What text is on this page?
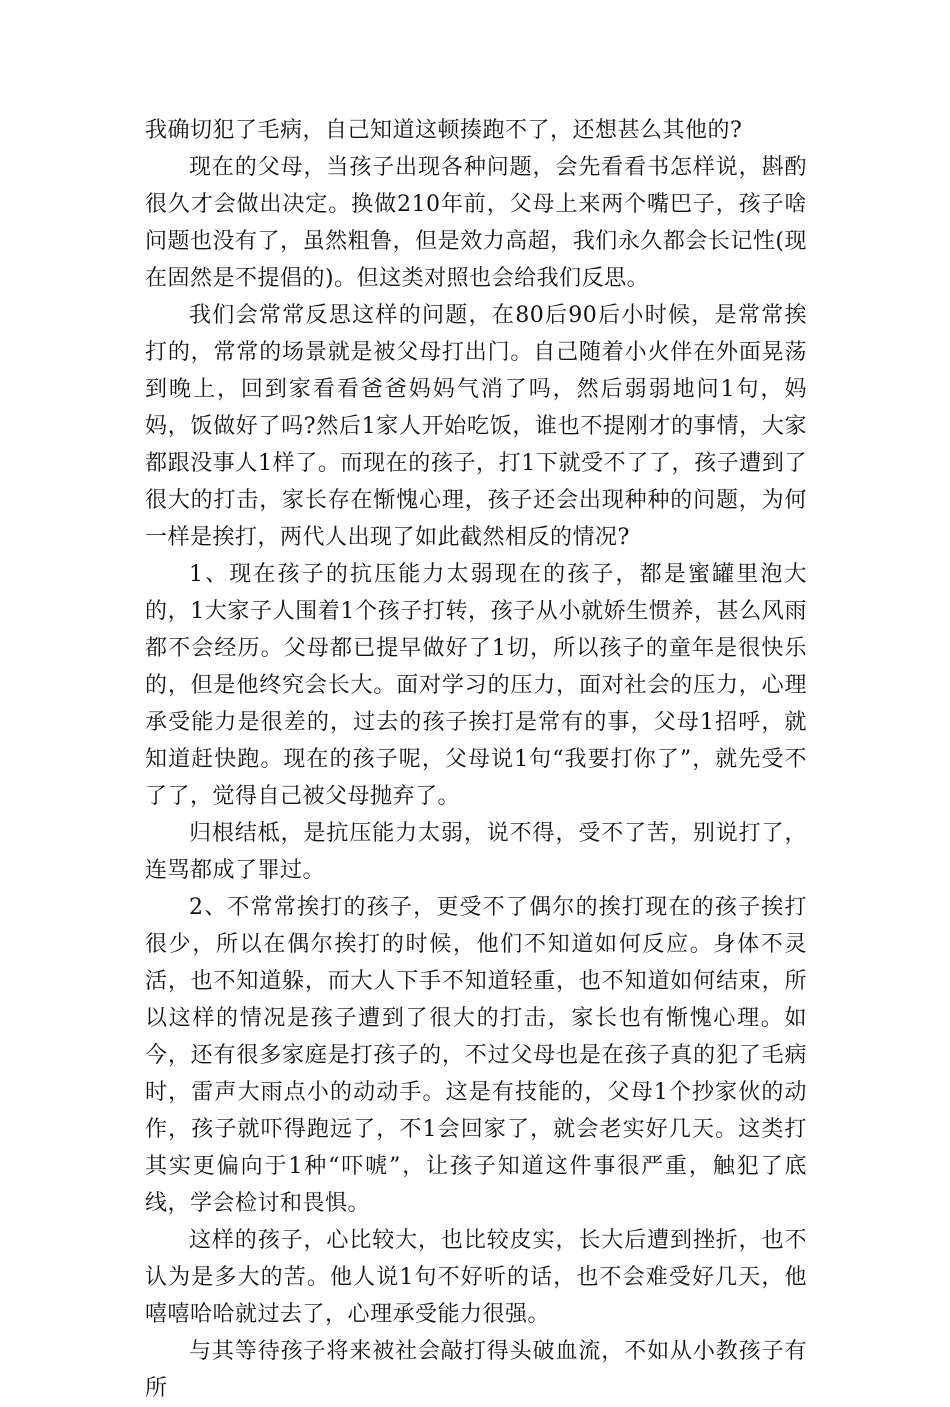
我确切犯了毛病，自己知道这顿揍跑不了，还想甚么其他的?

现在的父母，当孩子出现各种问题，会先看看书怎样说，斟酌很久才会做出决定。换做210年前，父母上来两个嘴巴子，孩子啥问题也没有了，虽然粗鲁，但是效力高超，我们永久都会长记性(现在固然是不提倡的)。但这类对照也会给我们反思。

我们会常常反思这样的问题，在80后90后小时候，是常常挨打的，常常的场景就是被父母打出门。自己随着小火伴在外面晃荡到晚上，回到家看看爸爸妈妈气消了吗，然后弱弱地问1句，妈妈，饭做好了吗?然后1家人开始吃饭，谁也不提刚才的事情，大家都跟没事人1样了。而现在的孩子，打1下就受不了了，孩子遭到了很大的打击，家长存在惭愧心理，孩子还会出现种种的问题，为何一样是挨打，两代人出现了如此截然相反的情况?

1、现在孩子的抗压能力太弱现在的孩子，都是蜜罐里泡大的，1大家子人围着1个孩子打转，孩子从小就娇生惯养，甚么风雨都不会经历。父母都已提早做好了1切，所以孩子的童年是很快乐的，但是他终究会长大。面对学习的压力，面对社会的压力，心理承受能力是很差的，过去的孩子挨打是常有的事，父母1招呼，就知道赶快跑。现在的孩子呢，父母说1句“我要打你了”，就先受不了了，觉得自己被父母抛弃了。

归根结柢，是抗压能力太弱，说不得，受不了苦，别说打了，连骂都成了罪过。

2、不常常挨打的孩子，更受不了偶尔的挨打现在的孩子挨打很少，所以在偶尔挨打的时候，他们不知道如何反应。身体不灵活，也不知道躲，而大人下手不知道轻重，也不知道如何结束，所以这样的情况是孩子遭到了很大的打击，家长也有惭愧心理。如今，还有很多家庭是打孩子的，不过父母也是在孩子真的犯了毛病时，雷声大雨点小的动动手。这是有技能的，父母1个抄家伙的动作，孩子就吓得跑远了，不1会回家了，就会老实好几天。这类打其实更偏向于1种“吓唬”，让孩子知道这件事很严重，触犯了底线，学会检讨和畏惧。

这样的孩子，心比较大，也比较皮实，长大后遭到挫折，也不认为是多大的苦。他人说1句不好听的话，也不会难受好几天，他嘻嘻哈哈就过去了，心理承受能力很强。

与其等待孩子将来被社会敲打得头破血流，不如从小教孩子有所
